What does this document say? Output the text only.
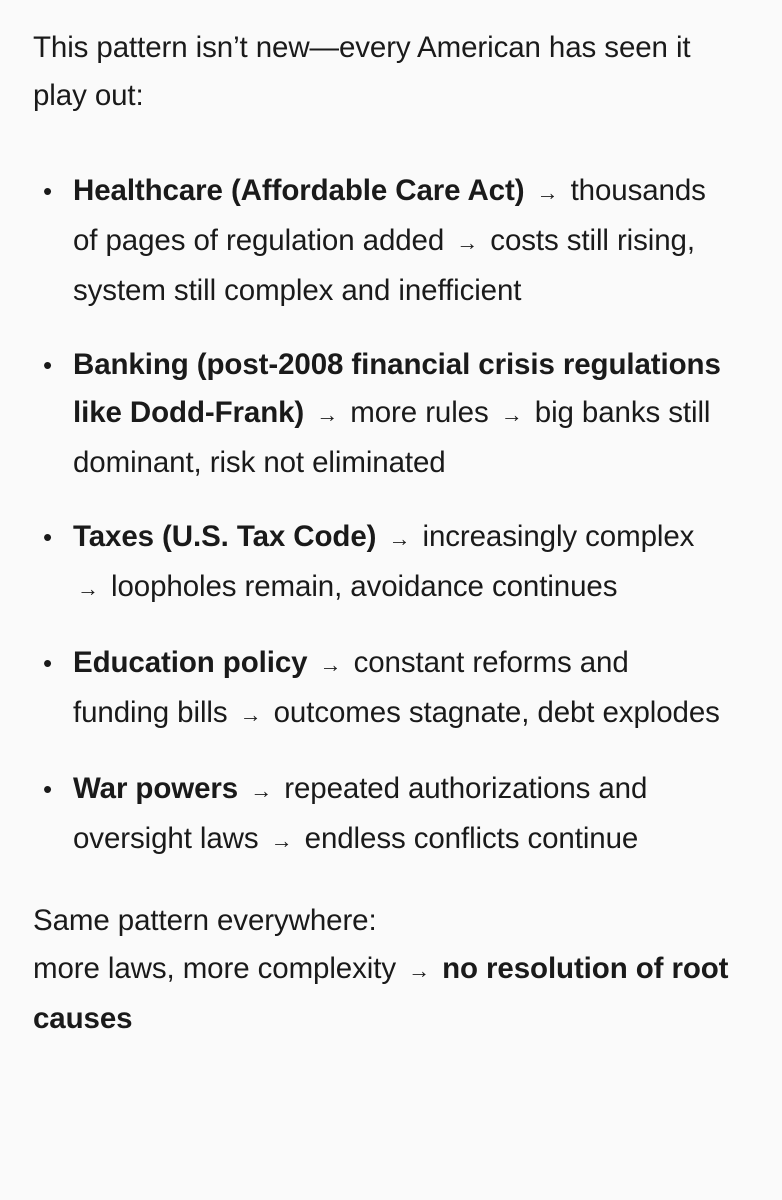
This pattern isn’t new—every American has seen it play out:

• Healthcare (Affordable Care Act) → thousands of pages of regulation added → costs still rising, system still complex and inefficient
• Banking (post-2008 financial crisis regulations like Dodd-Frank) → more rules → big banks still dominant, risk not eliminated
• Taxes (U.S. Tax Code) → increasingly complex → loopholes remain, avoidance continues
• Education policy → constant reforms and funding bills → outcomes stagnate, debt explodes
• War powers → repeated authorizations and oversight laws → endless conflicts continue

Same pattern everywhere:
more laws, more complexity → no resolution of root causes
